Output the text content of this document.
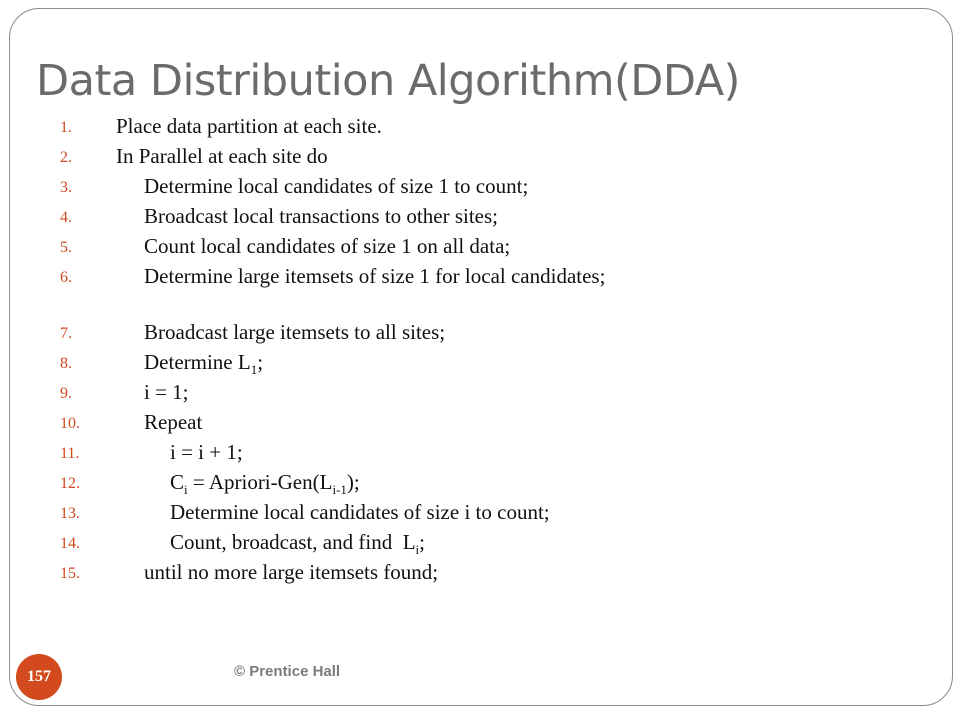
Data Distribution Algorithm(DDA)
1.	Place data partition at each site.
2.	In Parallel at each site do
3.	Determine local candidates of size 1 to count;
4.	Broadcast local transactions to other sites;
5.	Count local candidates of size 1 on all data;
6.	Determine large itemsets of size 1 for local candidates;
7.	Broadcast large itemsets to all sites;
8.	Determine $L_1$;
9.	i = 1;
10.	Repeat
11.	i = i + 1;
12.	$C_i$ = Apriori-$Gen(L_{i-1})$;
13.	Determine local candidates of size i to count;
14.	Count, broadcast, and find  $L_i$;
15.	until no more large itemsets found;
157	© Prentice Hall
